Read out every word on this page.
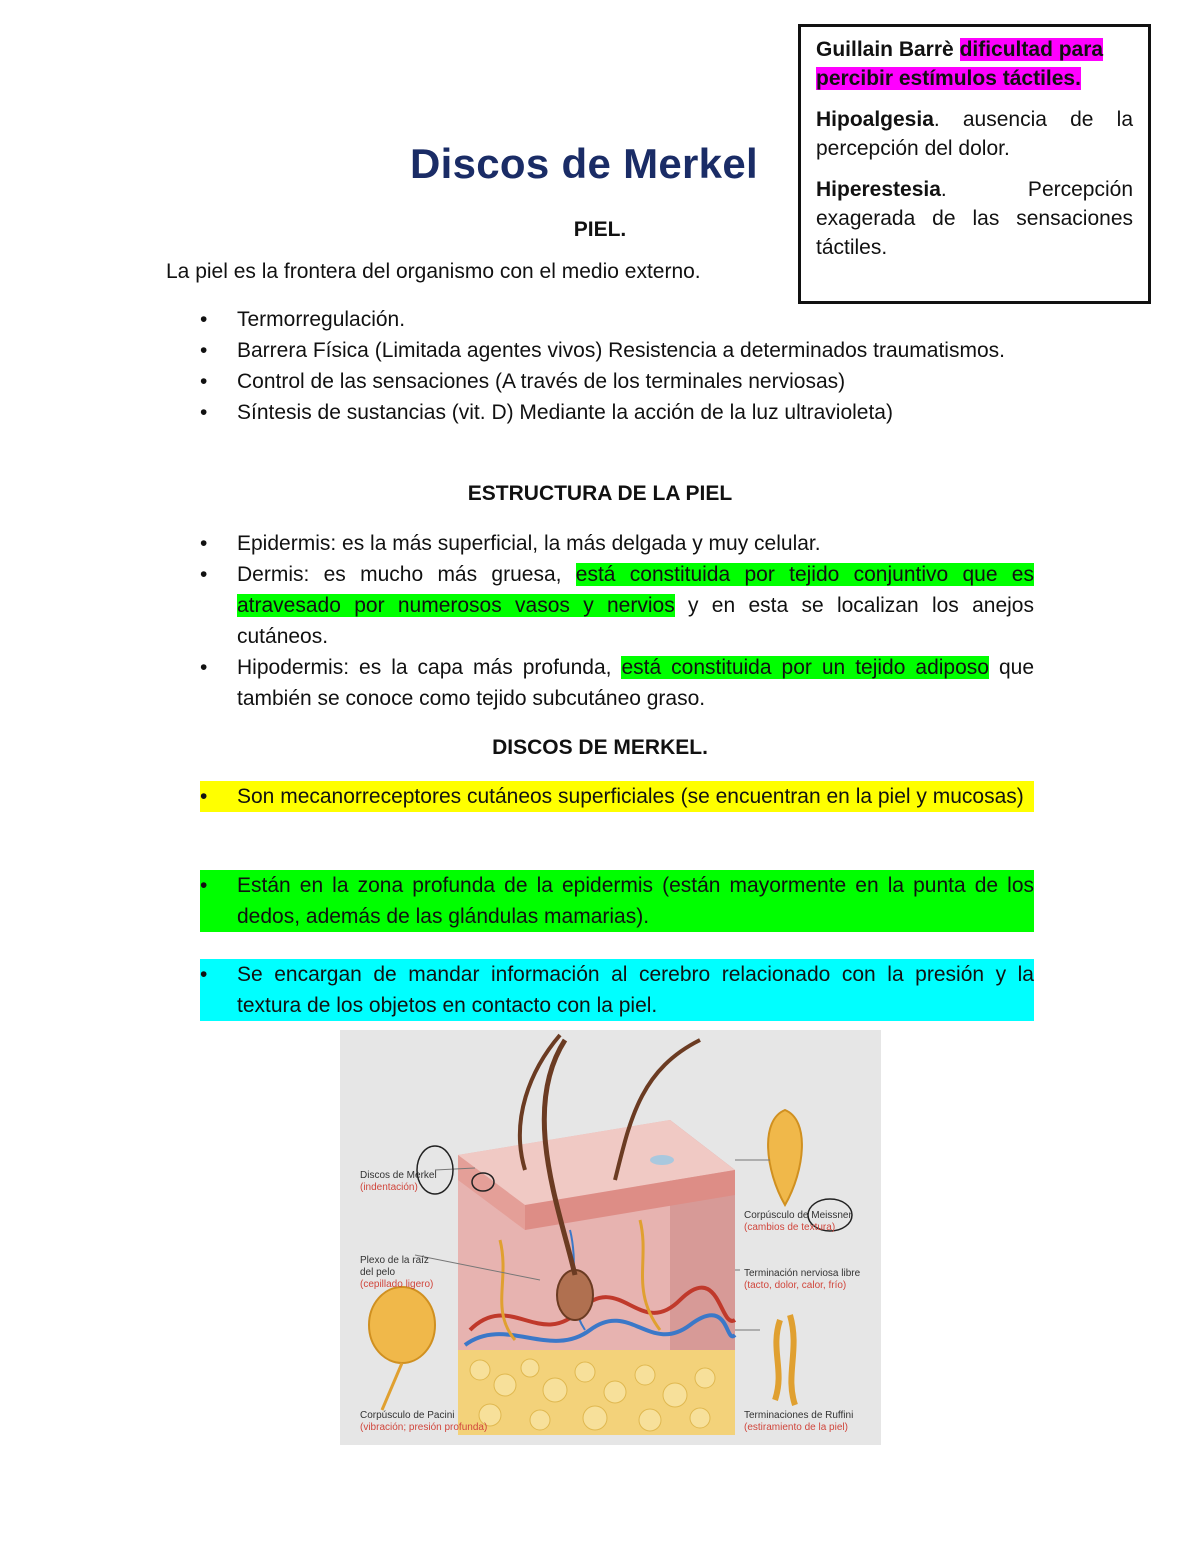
Discos de Merkel

Guillain Barrè dificultad para percibir estímulos táctiles.

Hipoalgesia. ausencia de la percepción del dolor.

Hiperestesia. Percepción exagerada de las sensaciones táctiles.

PIEL.
La piel es la frontera del organismo con el medio externo.
• Termorregulación.
• Barrera Física (Limitada agentes vivos) Resistencia a determinados traumatismos.
• Control de las sensaciones (A través de los terminales nerviosas)
• Síntesis de sustancias (vit. D) Mediante la acción de la luz ultravioleta)
ESTRUCTURA DE LA PIEL
• Epidermis: es la más superficial, la más delgada y muy celular.
• Dermis: es mucho más gruesa, está constituida por tejido conjuntivo que es atravesado por numerosos vasos y nervios y en esta se localizan los anejos cutáneos.
• Hipodermis: es la capa más profunda, está constituida por un tejido adiposo que también se conoce como tejido subcutáneo graso.
DISCOS DE MERKEL.
• Son mecanorreceptores cutáneos superficiales (se encuentran en la piel y mucosas)
• Están en la zona profunda de la epidermis (están mayormente en la punta de los dedos, además de las glándulas mamarias).
• Se encargan de mandar información al cerebro relacionado con la presión y la textura de los objetos en contacto con la piel.
Discos de Merkel
(indentación)
Plexo de la raíz
del pelo
(cepillado ligero)
Corpúsculo de Pacini
(vibración; presión profunda)
Corpúsculo de Meissner
(cambios de textura)
Terminación nerviosa libre
(tacto, dolor, calor, frío)
Terminaciones de Ruffini
(estiramiento de la piel)
